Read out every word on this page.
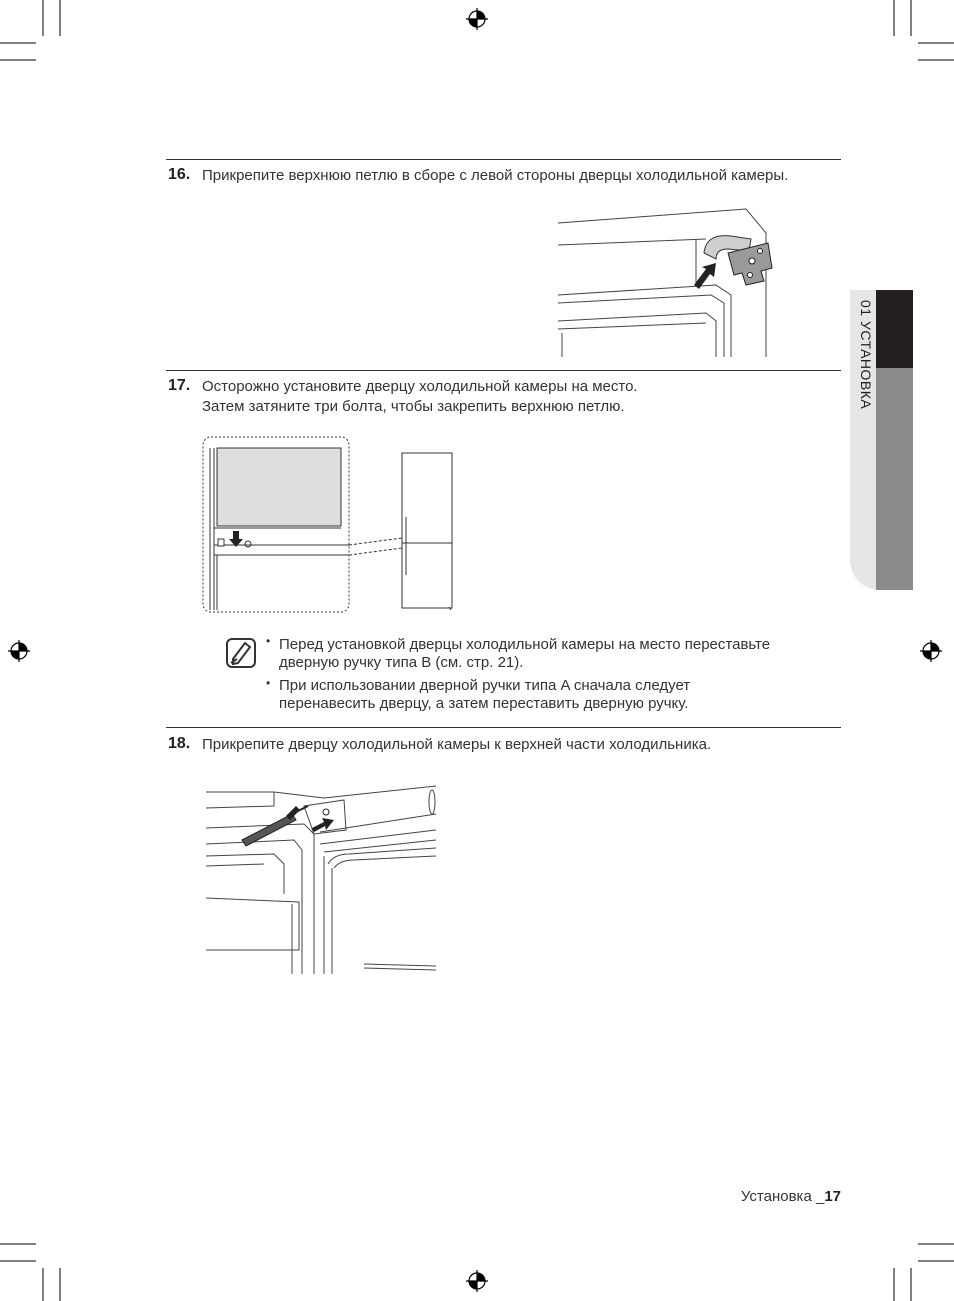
01 УСТАНОВКА
16. Прикрепите верхнюю петлю в сборе с левой стороны дверцы холодильной камеры.
17. Осторожно установите дверцу холодильной камеры на место.
Затем затяните три болта, чтобы закрепить верхнюю петлю.
• Перед установкой дверцы холодильной камеры на место переставьте
дверную ручку типа B (см. стр. 21).
• При использовании дверной ручки типа A сначала следует
перенавесить дверцу, а затем переставить дверную ручку.
18. Прикрепите дверцу холодильной камеры к верхней части холодильника.
Установка _17
